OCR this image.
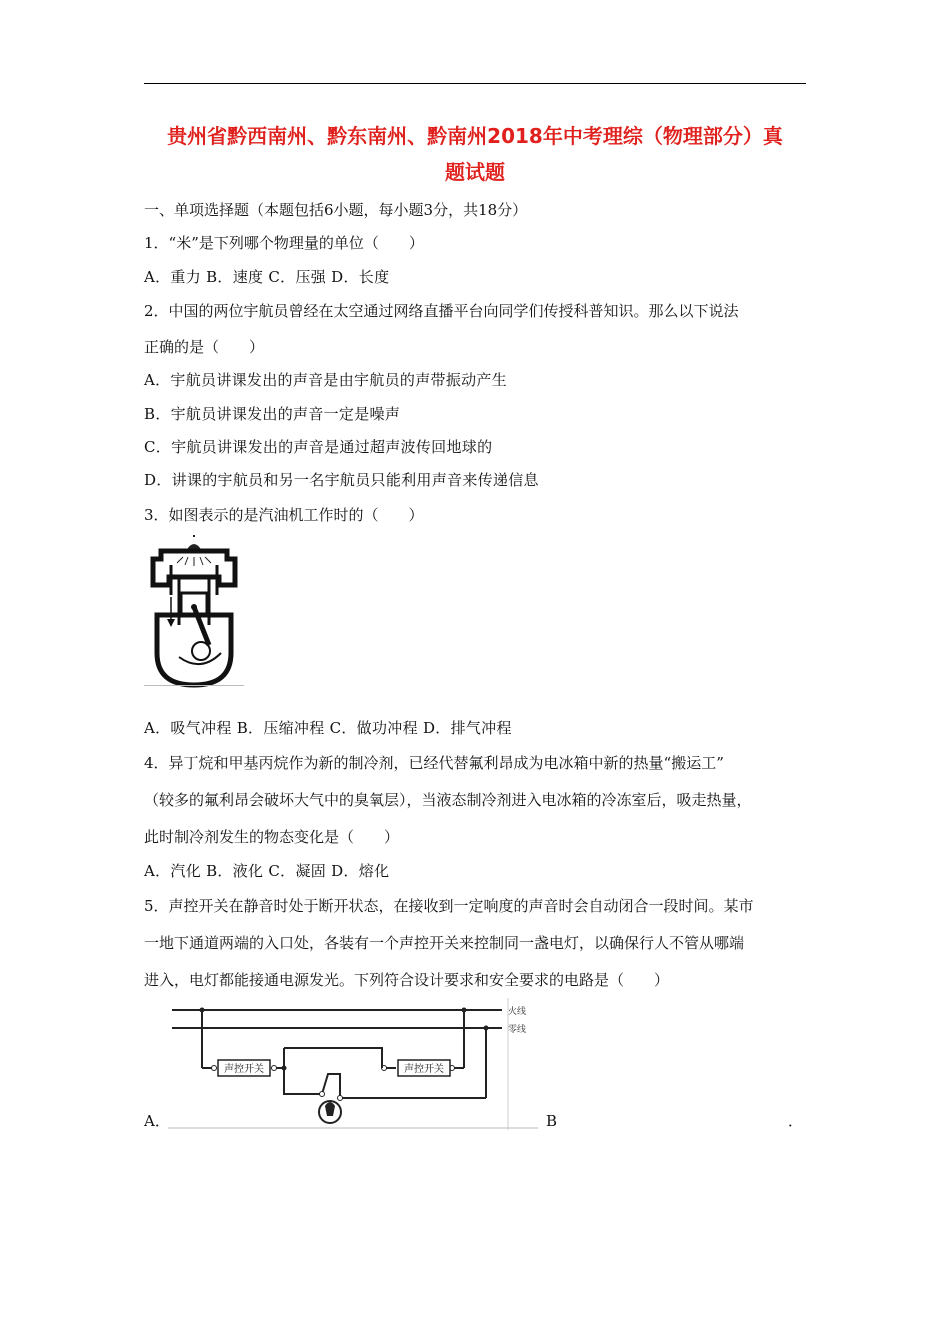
贵州省黔西南州、黔东南州、黔南州2018年中考理综（物理部分）真
题试题
一、单项选择题（本题包括6小题，每小题3分，共18分）
1．“米”是下列哪个物理量的单位（　　）
A．重力 B．速度 C．压强 D．长度
2．中国的两位宇航员曾经在太空通过网络直播平台向同学们传授科普知识。那么以下说法
正确的是（　　）
A．宇航员讲课发出的声音是由宇航员的声带振动产生
B．宇航员讲课发出的声音一定是噪声
C．宇航员讲课发出的声音是通过超声波传回地球的
D．讲课的宇航员和另一名宇航员只能利用声音来传递信息
3．如图表示的是汽油机工作时的（　　）
A．吸气冲程 B．压缩冲程 C．做功冲程 D．排气冲程
4．异丁烷和甲基丙烷作为新的制冷剂，已经代替氟利昂成为电冰箱中新的热量“搬运工”
（较多的氟利昂会破坏大气中的臭氧层），当液态制冷剂进入电冰箱的冷冻室后，吸走热量，
此时制冷剂发生的物态变化是（　　）
A．汽化 B．液化 C．凝固 D．熔化
5．声控开关在静音时处于断开状态，在接收到一定响度的声音时会自动闭合一段时间。某市
一地下通道两端的入口处，各装有一个声控开关来控制同一盏电灯，以确保行人不管从哪端
进入，电灯都能接通电源发光。下列符合设计要求和安全要求的电路是（　　）
A．
火线
零线
声控开关	声控开关
B	．
